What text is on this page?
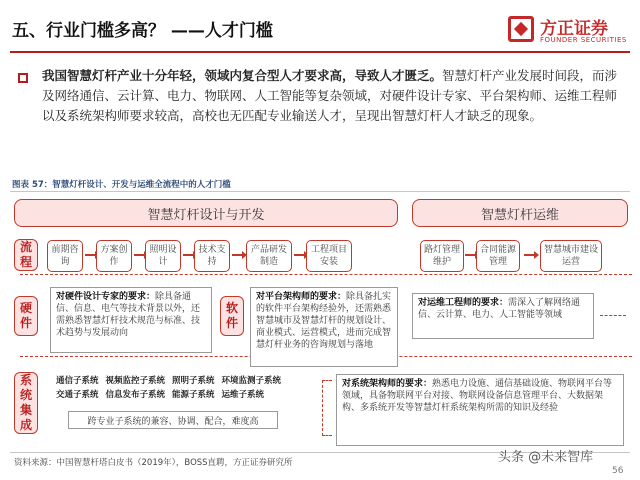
五、行业门槛多高？ ——人才门槛	方正证券
FOUNDER SECURITIES
我国智慧灯杆产业十分年轻，领域内复合型人才要求高，导致人才匮乏。智慧灯杆产业发展时间段，而涉及网络通信、云计算、电力、物联网、人工智能等复杂领域，对硬件设计专家、平台架构师、运维工程师以及系统架构师要求较高，高校也无匹配专业输送人才，呈现出智慧灯杆人才缺乏的现象。
图表 57：智慧灯杆设计、开发与运维全流程中的人才门槛
智慧灯杆设计与开发	智慧灯杆运维
流程
硬件
软件
系统集成
前期咨询
方案创作
照明设计
技术支持
产品研发制造
工程项目安装
路灯管理维护
合同能源管理
智慧城市建设运营
对硬件设计专家的要求：除具备通信、信息、电气等技术背景以外，还需熟悉智慧灯杆技术规范与标准、技术趋势与发展动向
对平台架构师的要求：除具备扎实的软件平台架构经验外，还需熟悉智慧城市及智慧灯杆的规划设计、商业模式、运营模式，进而完成智慧灯杆业务的咨询规划与落地
对运维工程师的要求：需深入了解网络通信、云计算、电力、人工智能等领域
对系统架构师的要求：熟悉电力设施、通信基础设施、物联网平台等领域，具备物联网平台对接、物联网设备信息管理平台、大数据架构、多系统开发等智慧灯杆系统架构所需的知识及经验
通信子系统 视频监控子系统 照明子系统 环境监测子系统
交通子系统 信息发布子系统 能源子系统 运维子系统
跨专业子系统的兼容、协调、配合，难度高
资料来源：中国智慧杆塔白皮书（2019年），BOSS直聘，方正证券研究所	头条 @未来智库
56
